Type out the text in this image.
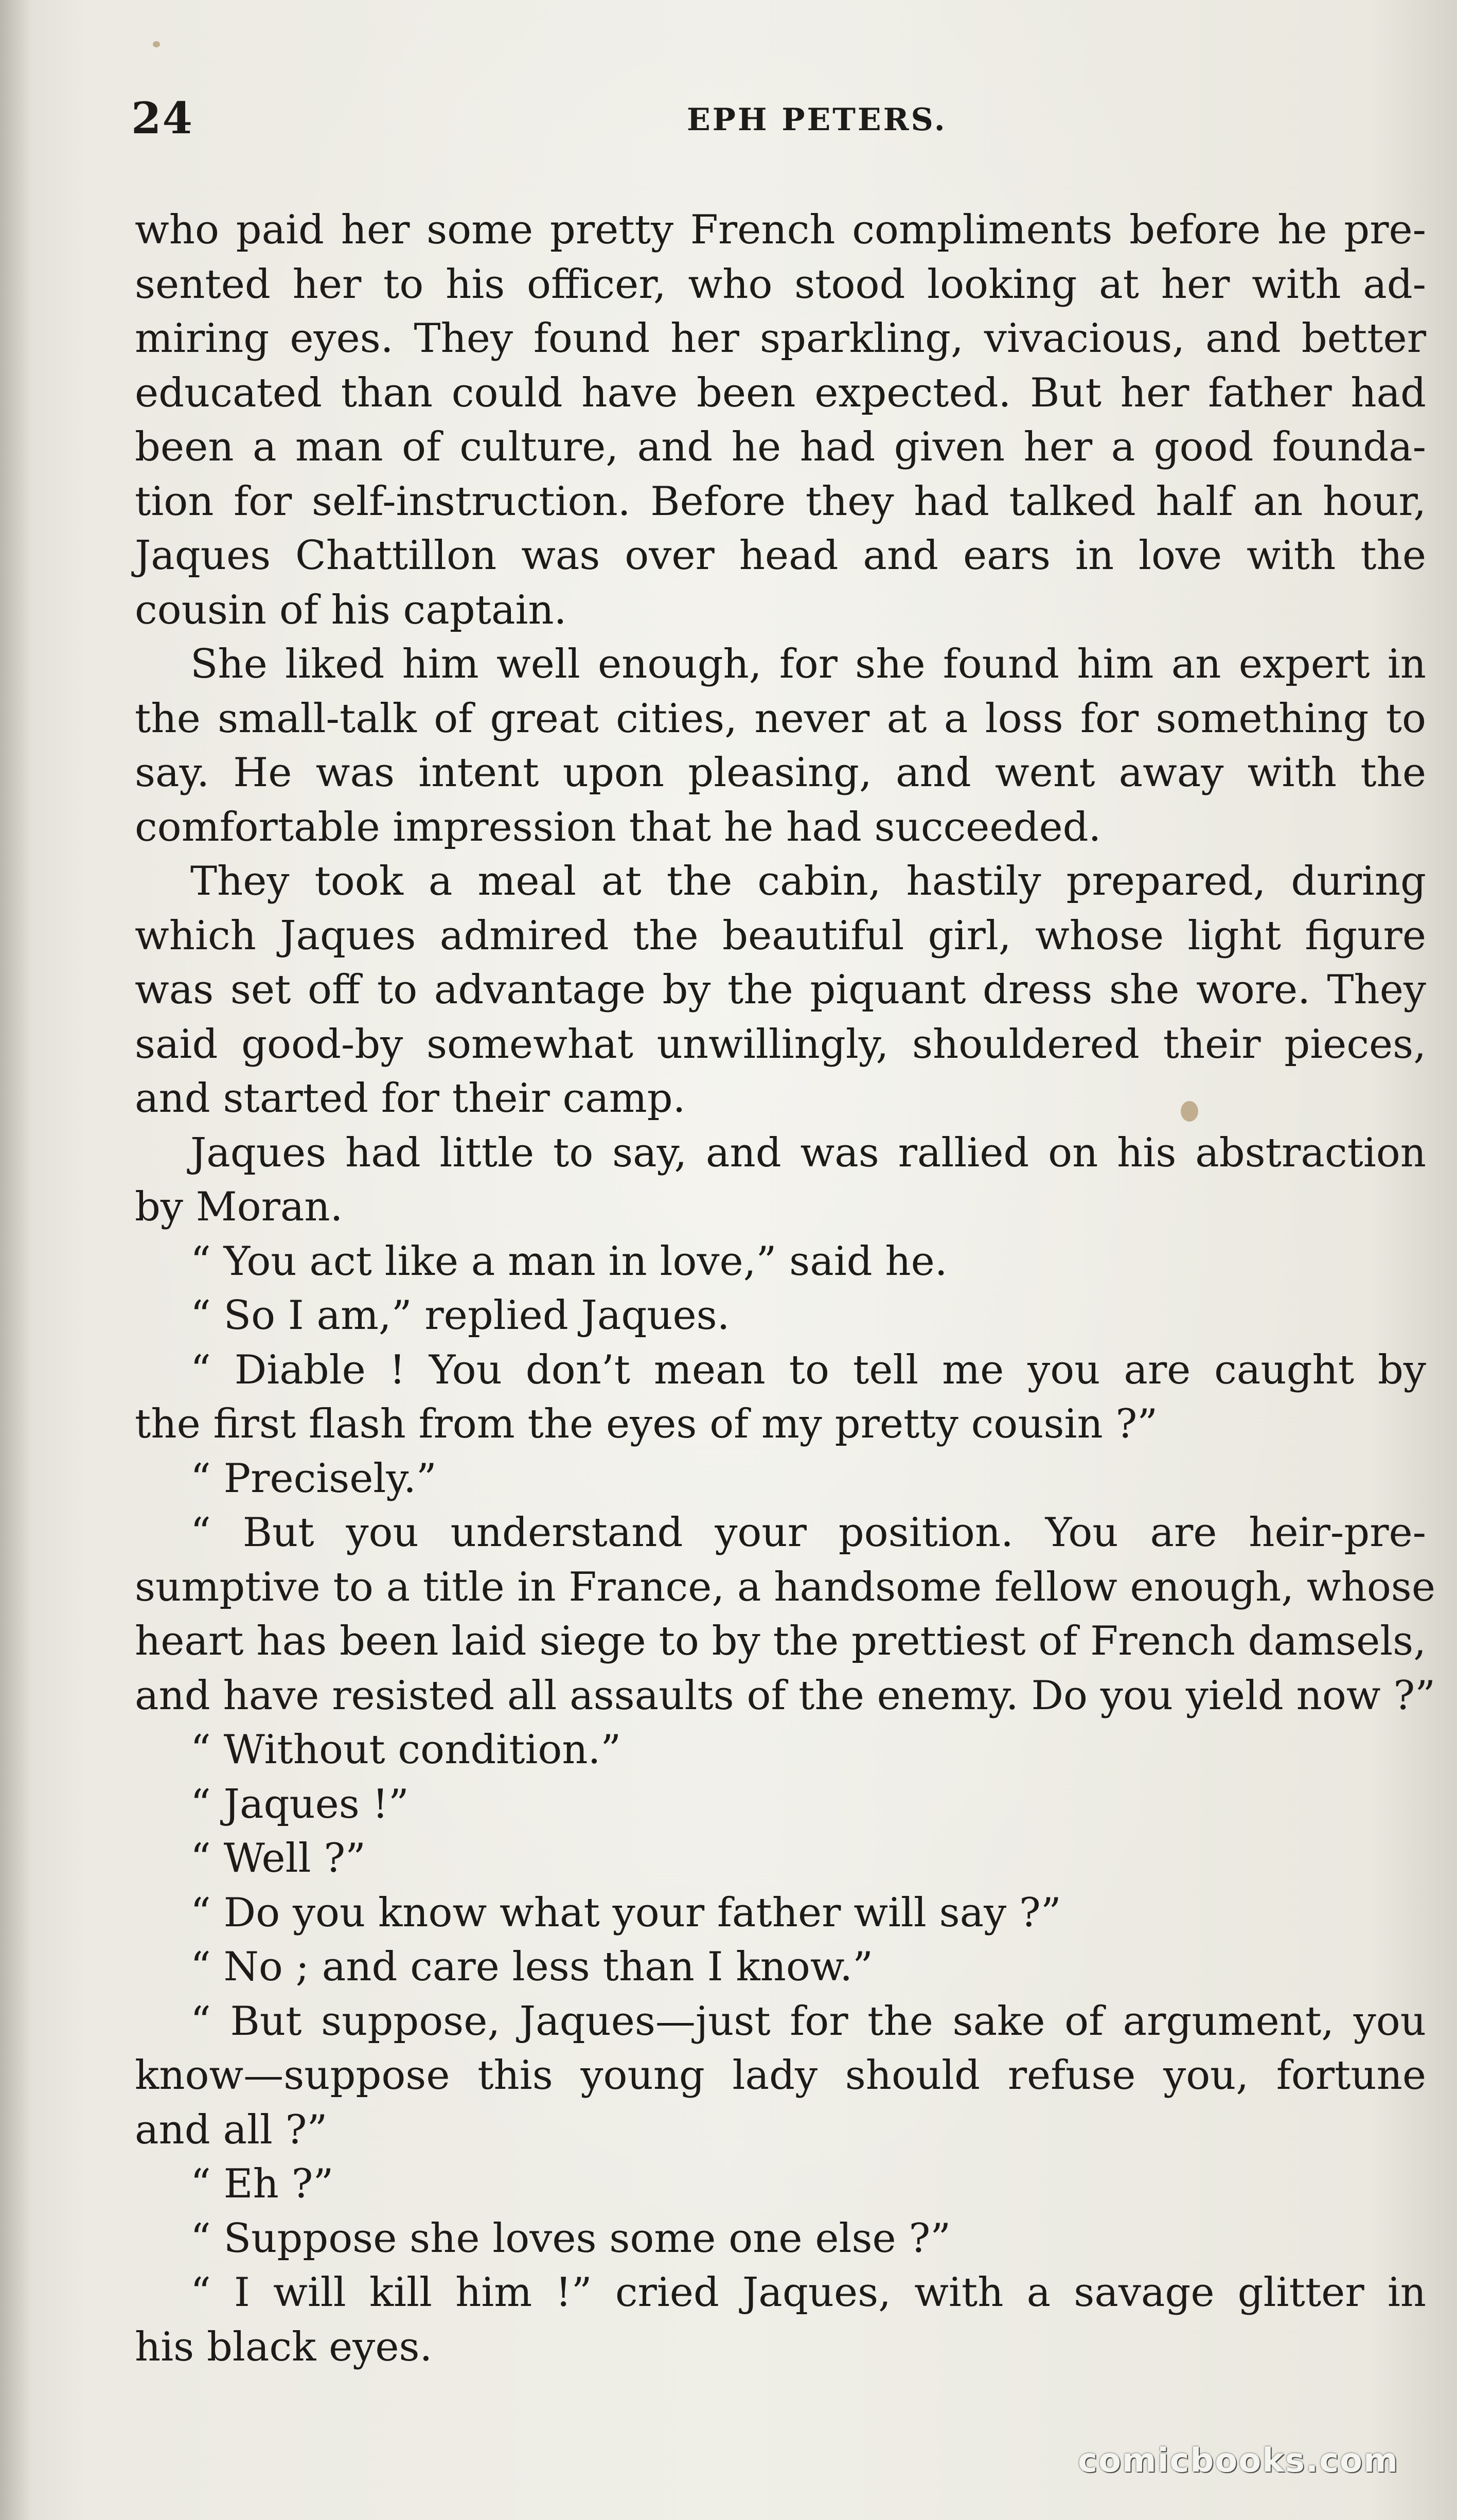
24	EPH PETERS.
who paid her some pretty French compliments before he pre-
sented her to his officer, who stood looking at her with ad-
miring eyes. They found her sparkling, vivacious, and better
educated than could have been expected. But her father had
been a man of culture, and he had given her a good founda-
tion for self-instruction. Before they had talked half an hour,
Jaques Chattillon was over head and ears in love with the
cousin of his captain.
She liked him well enough, for she found him an expert in
the small-talk of great cities, never at a loss for something to
say. He was intent upon pleasing, and went away with the
comfortable impression that he had succeeded.
They took a meal at the cabin, hastily prepared, during
which Jaques admired the beautiful girl, whose light figure
was set off to advantage by the piquant dress she wore. They
said good-by somewhat unwillingly, shouldered their pieces,
and started for their camp.
Jaques had little to say, and was rallied on his abstraction
by Moran.
“ You act like a man in love,” said he.
“ So I am,” replied Jaques.
“ Diable ! You don’t mean to tell me you are caught by
the first flash from the eyes of my pretty cousin ?”
“ Precisely.”
“ But you understand your position. You are heir-pre-
sumptive to a title in France, a handsome fellow enough, whose
heart has been laid siege to by the prettiest of French damsels,
and have resisted all assaults of the enemy. Do you yield now ?”
“ Without condition.”
“ Jaques !”
“ Well ?”
“ Do you know what your father will say ?”
“ No ; and care less than I know.”
“ But suppose, Jaques—just for the sake of argument, you
know—suppose this young lady should refuse you, fortune
and all ?”
“ Eh ?”
“ Suppose she loves some one else ?”
“ I will kill him !” cried Jaques, with a savage glitter in
his black eyes.
comicbooks.com
